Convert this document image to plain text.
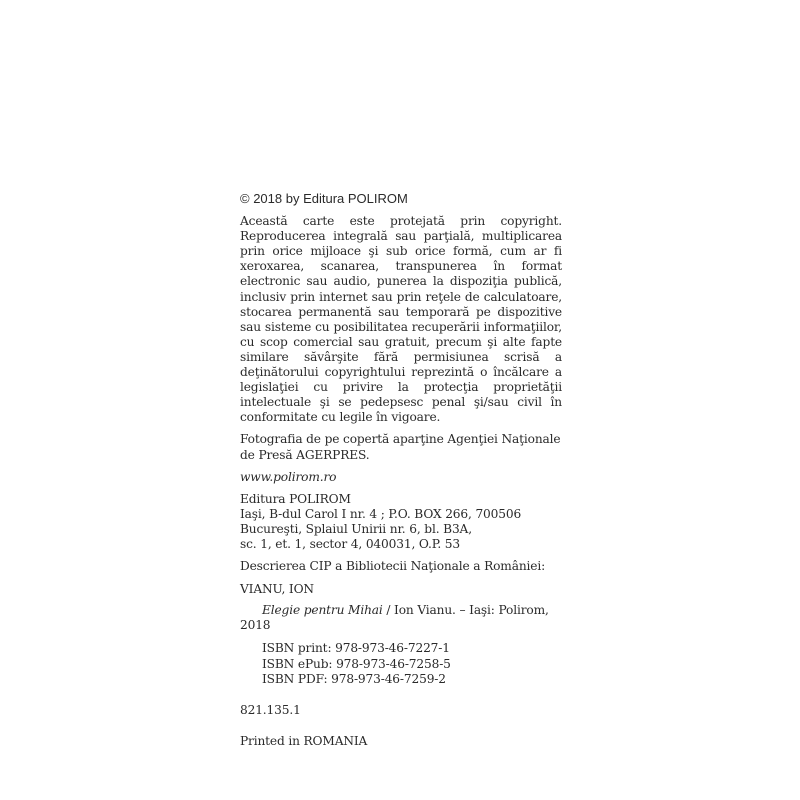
© 2018 by Editura POLIROM

Această carte este protejată prin copyright. Reproducerea integrală sau parţială, multiplicarea prin orice mijloace şi sub orice formă, cum ar fi xeroxarea, scanarea, transpunerea în format electronic sau audio, punerea la dispoziţia publică, inclusiv prin internet sau prin reţele de calculatoare, stocarea permanentă sau temporară pe dispozitive sau sisteme cu posibilitatea recuperării informaţiilor, cu scop comercial sau gratuit, precum şi alte fapte similare săvârşite fără permisiunea scrisă a deţinătorului copyrightului reprezintă o încălcare a legislaţiei cu privire la protecţia proprietăţii intelectuale şi se pedepsesc penal şi/sau civil în conformitate cu legile în vigoare.

Fotografia de pe copertă aparţine Agenţiei Naţionale de Presă AGERPRES.

www.polirom.ro

Editura POLIROM
Iaşi, B-dul Carol I nr. 4 ; P.O. BOX 266, 700506
Bucureşti, Splaiul Unirii nr. 6, bl. B3A,
sc. 1, et. 1, sector 4, 040031, O.P. 53

Descrierea CIP a Bibliotecii Naţionale a României:

VIANU, ION

Elegie pentru Mihai / Ion Vianu. – Iaşi: Polirom, 2018

ISBN print: 978-973-46-7227-1
ISBN ePub: 978-973-46-7258-5
ISBN PDF: 978-973-46-7259-2

821.135.1

Printed in ROMANIA
